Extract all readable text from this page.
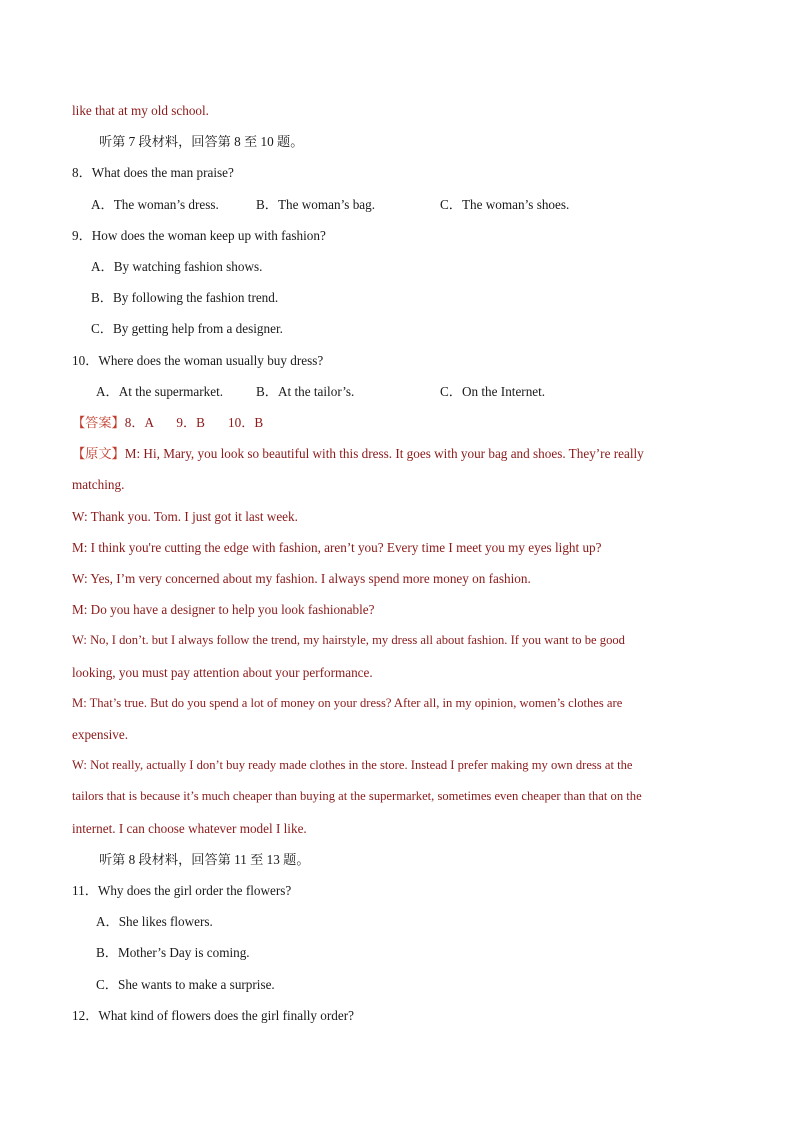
like that at my old school.
听第 7 段材料，回答第 8 至 10 题。
8．What does the man praise?
A．The woman’s dress.	B．The woman’s bag.	C．The woman’s shoes.
9．How does the woman keep up with fashion?
A．By watching fashion shows.
B．By following the fashion trend.
C．By getting help from a designer.
10．Where does the woman usually buy dress?
A．At the supermarket. B．At the tailor’s.	C．On the Internet.
【答案】8．A       9．B       10．B
【原文】M: Hi, Mary, you look so beautiful with this dress. It goes with your bag and shoes. They’re really
matching.
W: Thank you. Tom. I just got it last week.
M: I think you're cutting the edge with fashion, aren’t you? Every time I meet you my eyes light up?
W: Yes, I’m very concerned about my fashion. I always spend more money on fashion.
M: Do you have a designer to help you look fashionable?
W: No, I don’t. but I always follow the trend, my hairstyle, my dress all about fashion. If you want to be good
looking, you must pay attention about your performance.
M: That’s true. But do you spend a lot of money on your dress? After all, in my opinion, women’s clothes are
expensive.
W: Not really, actually I don’t buy ready made clothes in the store. Instead I prefer making my own dress at the
tailors that is because it’s much cheaper than buying at the supermarket, sometimes even cheaper than that on the
internet. I can choose whatever model I like.
听第 8 段材料，回答第 11 至 13 题。
11．Why does the girl order the flowers?
A．She likes flowers.
B．Mother’s Day is coming.
C．She wants to make a surprise.
12．What kind of flowers does the girl finally order?
